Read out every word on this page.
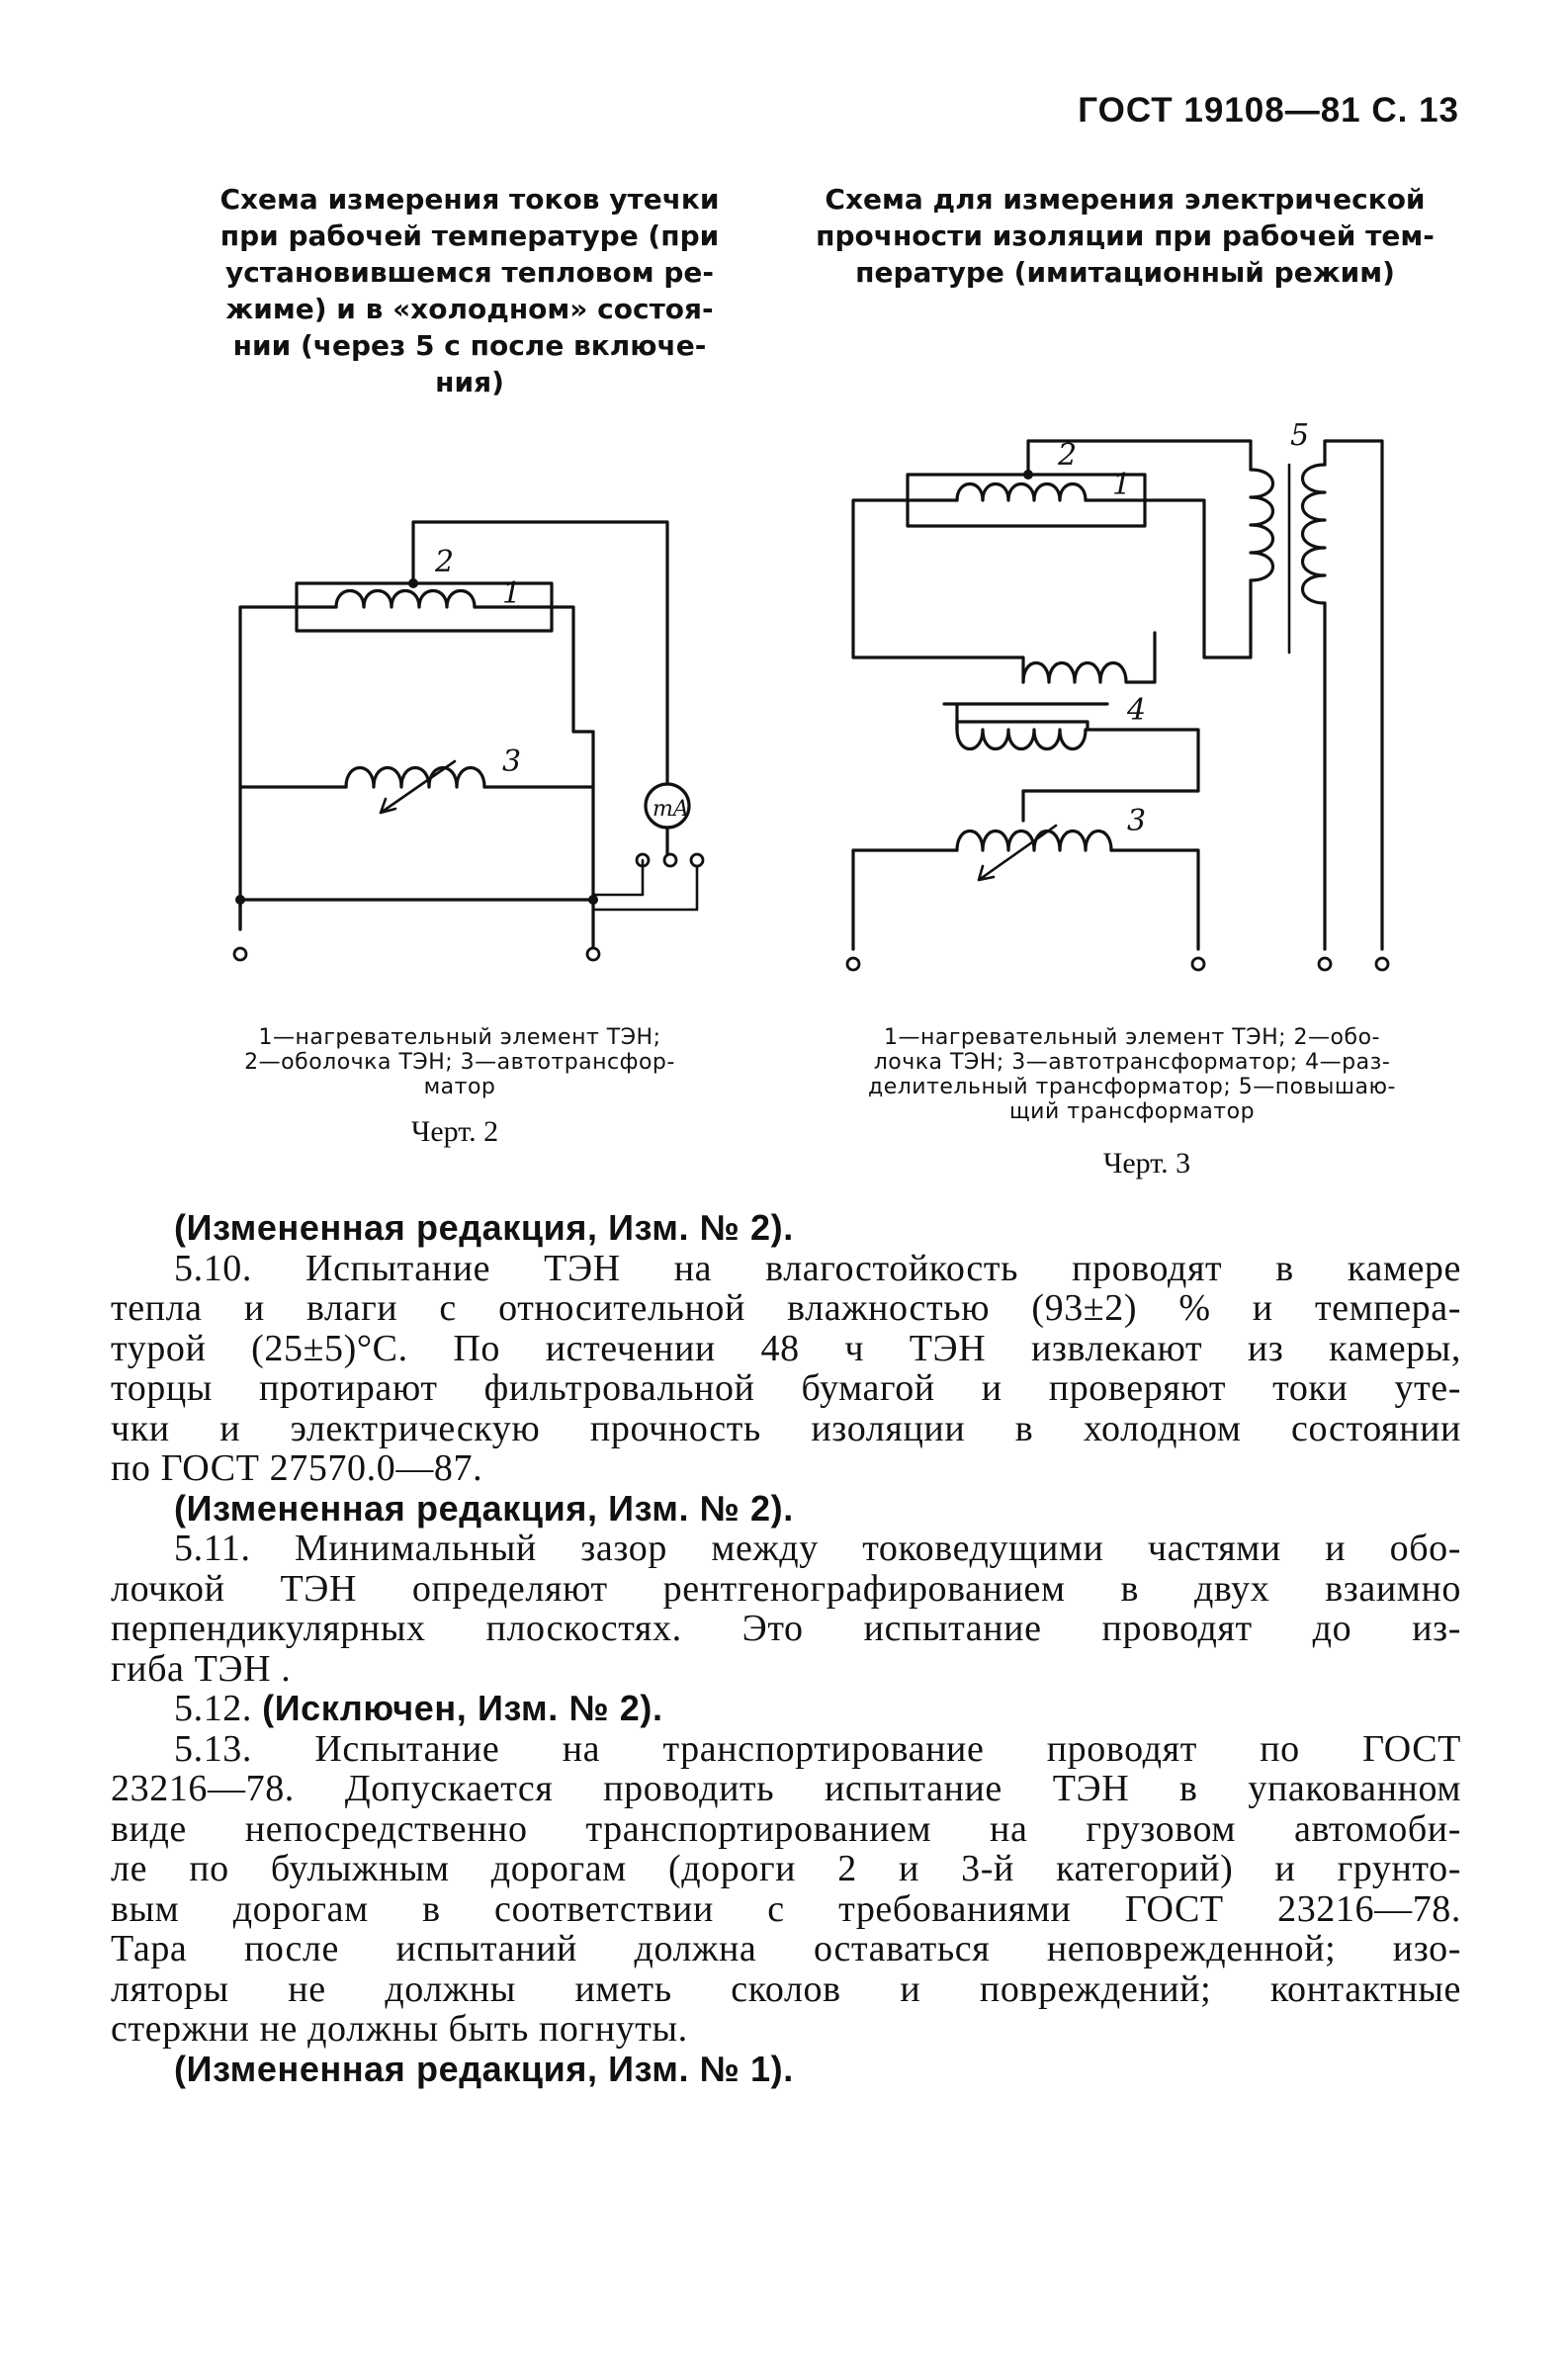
ГОСТ 19108—81 С. 13
Схема измерения токов утечки
при рабочей температуре (при
установившемся тепловом ре-
жиме) и в «холодном» состоя-
нии (через 5 с после включе-
ния)
Схема для измерения электрической
прочности изоляции при рабочей тем-
пературе (имитационный режим)
mA
2
1
3
2
1
3
4
5
1—нагревательный элемент ТЭН;
2—оболочка ТЭН; 3—автотрансфор-
матор
Черт. 2
1—нагревательный элемент ТЭН; 2—обо-
лочка ТЭН; 3—автотрансформатор; 4—раз-
делительный трансформатор; 5—повышаю-
щий трансформатор
Черт. 3

(Измененная редакция, Изм. № 2).

5.10. Испытание ТЭН на влагостойкость проводят в камере
тепла и влаги с относительной влажностью (93±2) % и темпера-
турой (25±5)°С. По истечении 48 ч ТЭН извлекают из камеры,
торцы протирают фильтровальной бумагой и проверяют токи уте-
чки и электрическую прочность изоляции в холодном состоянии
по ГОСТ 27570.0—87.

(Измененная редакция, Изм. № 2).

5.11. Минимальный зазор между токоведущими частями и обо-
лочкой ТЭН определяют рентгенографированием в двух взаимно
перпендикулярных плоскостях. Это испытание проводят до из-
гиба ТЭН .

5.12. (Исключен, Изм. № 2).

5.13. Испытание на транспортирование проводят по ГОСТ
23216—78. Допускается проводить испытание ТЭН в упакованном
виде непосредственно транспортированием на грузовом автомоби-
ле по булыжным дорогам (дороги 2 и 3-й категорий) и грунто-
вым дорогам в соответствии с требованиями ГОСТ 23216—78.
Тара после испытаний должна оставаться неповрежденной; изо-
ляторы не должны иметь сколов и повреждений; контактные
стержни не должны быть погнуты.

(Измененная редакция, Изм. № 1).
